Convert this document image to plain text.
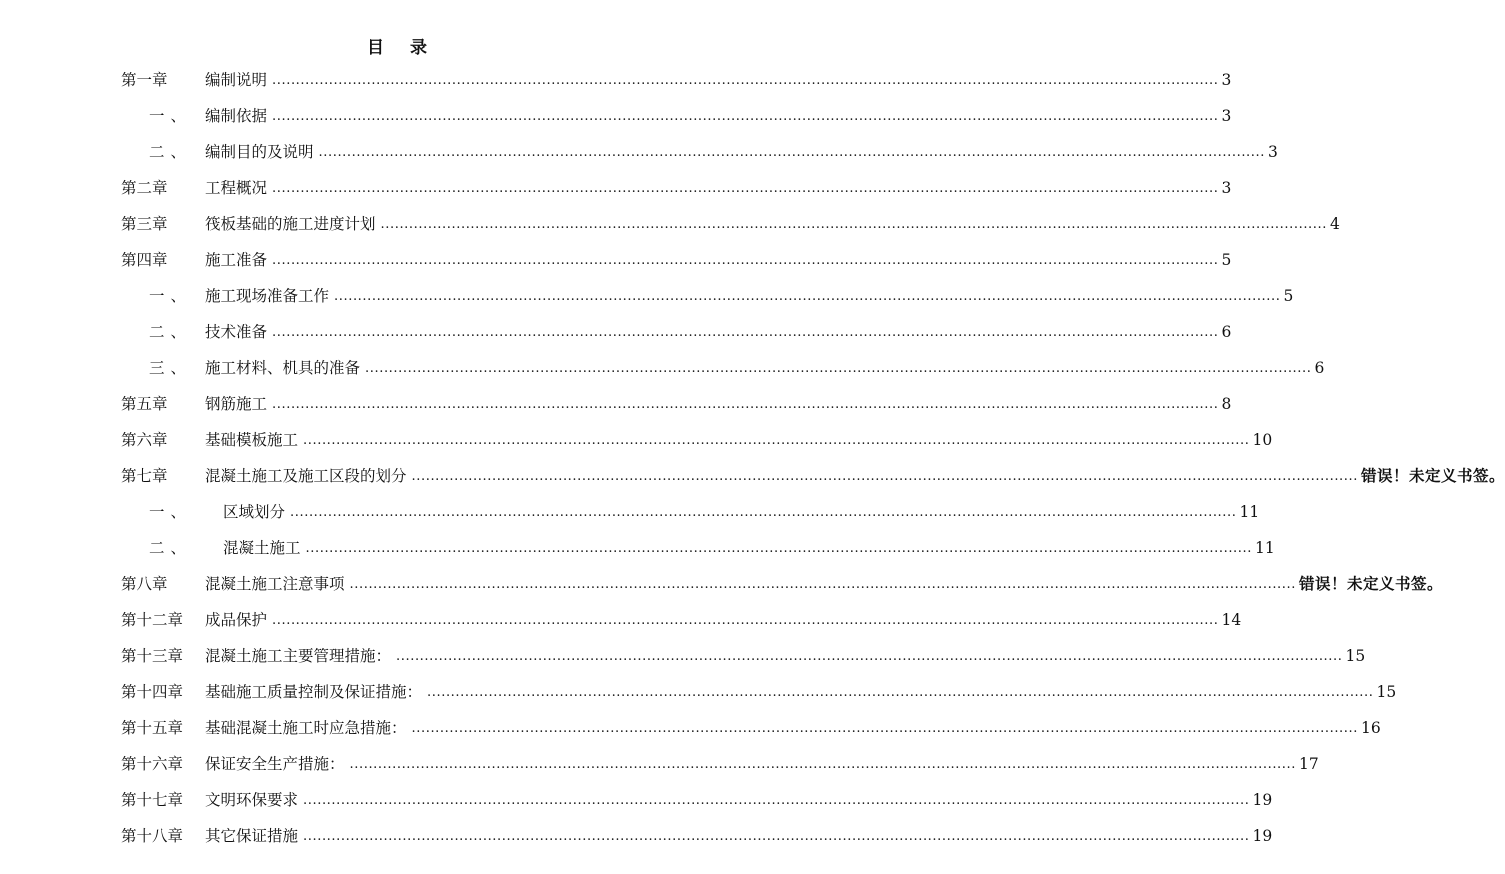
目 录
第一章 编制说明 ........................................................................................................................................................................................................ 3
一、 编制依据 ........................................................................................................................................................................................................ 3
二、 编制目的及说明 ........................................................................................................................................................................................................ 3
第二章 工程概况 ........................................................................................................................................................................................................ 3
第三章 筏板基础的施工进度计划 ........................................................................................................................................................................................................ 4
第四章 施工准备 ........................................................................................................................................................................................................ 5
一、 施工现场准备工作 ........................................................................................................................................................................................................ 5
二、 技术准备 ........................................................................................................................................................................................................ 6
三、 施工材料、机具的准备 ........................................................................................................................................................................................................ 6
第五章 钢筋施工 ........................................................................................................................................................................................................ 8
第六章 基础模板施工 ........................................................................................................................................................................................................ 10
第七章 混凝土施工及施工区段的划分 ........................................................................................................................................................................................................ 错误！未定义书签。
一、 区域划分 ........................................................................................................................................................................................................ 11
二、 混凝土施工 ........................................................................................................................................................................................................ 11
第八章 混凝土施工注意事项 ........................................................................................................................................................................................................ 错误！未定义书签。
第十二章 成品保护 ........................................................................................................................................................................................................ 14
第十三章 混凝土施工主要管理措施： ........................................................................................................................................................................................................ 15
第十四章 基础施工质量控制及保证措施： ........................................................................................................................................................................................................ 15
第十五章 基础混凝土施工时应急措施： ........................................................................................................................................................................................................ 16
第十六章 保证安全生产措施： ........................................................................................................................................................................................................ 17
第十七章 文明环保要求 ........................................................................................................................................................................................................ 19
第十八章 其它保证措施 ........................................................................................................................................................................................................ 19
